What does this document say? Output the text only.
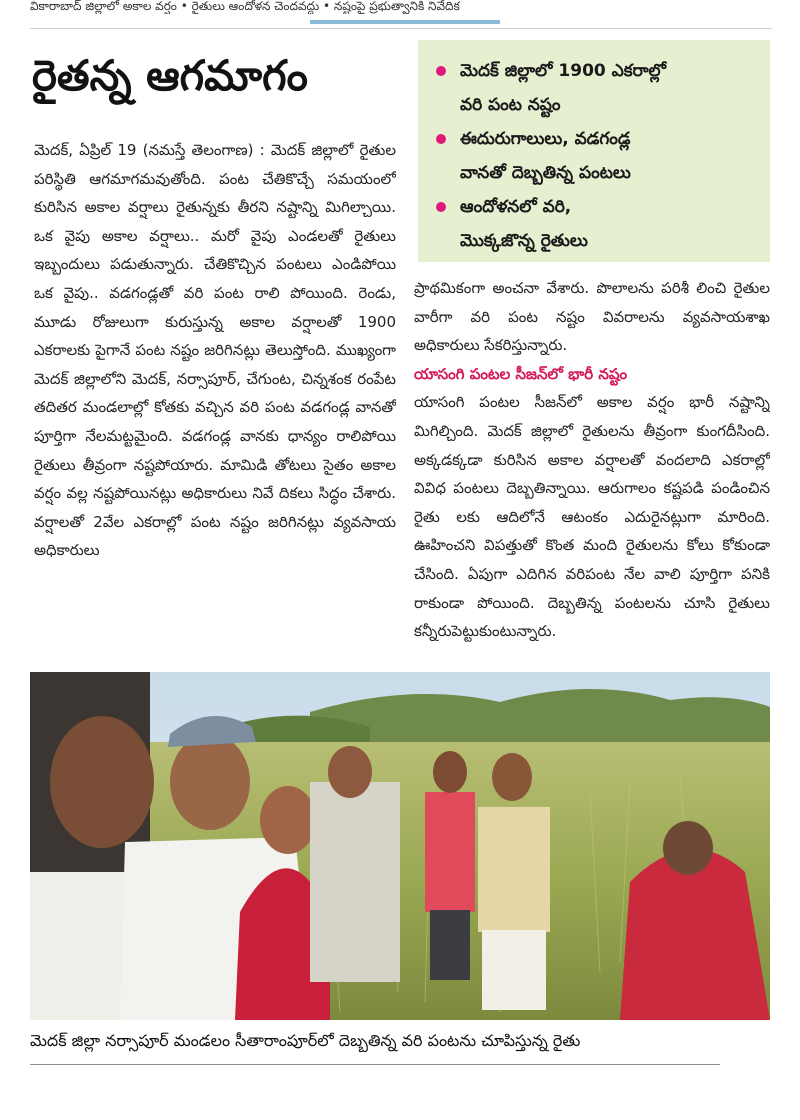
వికారాబాద్‌ జిల్లాలో అకాల వర్షం • రైతులు ఆందోళన చెందవద్దు • నష్టంపై ప్రభుత్వానికి నివేదిక
రైతన్న ఆగమాగం	మెదక్‌ జిల్లాలో 1900 ఎకరాల్లో
వరి పంట నష్టం
ఈదురుగాలులు, వడగండ్ల
వానతో దెబ్బతిన్న పంటలు
ఆందోళనలో వరి,
మొక్కజొన్న రైతులు
మెదక్‌, ఏప్రిల్‌ 19 (నమస్తే తెలంగాణ) : మెదక్‌ జిల్లాలో రైతుల పరిస్థితి ఆగమాగమవుతోంది. పంట చేతికొచ్చే సమయంలో కురిసిన అకాల వర్షాలు రైతున్నకు తీరని నష్టాన్ని మిగిల్చాయి. ఒక వైపు అకాల వర్షాలు.. మరో వైపు ఎండలతో రైతులు ఇబ్బందులు పడుతున్నారు. చేతికొచ్చిన పంటలు ఎండిపోయి ఒక వైపు.. వడగండ్లతో వరి పంట రాలి పోయింది. రెండు, మూడు రోజులుగా కురుస్తున్న అకాల వర్షాలతో 1900 ఎకరాలకు పైగానే పంట నష్టం జరిగినట్లు తెలుస్తోంది. ముఖ్యంగా మెదక్‌ జిల్లాలోని మెదక్‌, నర్సాపూర్‌, చేగుంట, చిన్నశంక రంపేట తదితర మండలాల్లో కోతకు వచ్చిన వరి పంట వడగండ్ల వానతో పూర్తిగా నేలమట్టమైంది. వడగండ్ల వానకు ధాన్యం రాలిపోయి రైతులు తీవ్రంగా నష్టపోయారు. మామిడి తోటలు సైతం అకాల వర్షం వల్ల నష్టపోయినట్లు అధికారులు నివే దికలు సిద్ధం చేశారు. వర్షాలతో 2వేల ఎకరాల్లో పంట నష్టం జరిగినట్లు వ్యవసాయ అధికారులు
ప్రాథమికంగా అంచనా వేశారు. పొలాలను పరిశీ లించి రైతుల వారీగా వరి పంట నష్టం వివరాలను వ్యవసాయశాఖ అధికారులు సేకరిస్తున్నారు.
యాసంగి పంటల సీజన్‌లో భారీ నష్టం
యాసంగి పంటల సీజన్‌లో అకాల వర్షం భారీ నష్టాన్ని మిగిల్చింది. మెదక్‌ జిల్లాలో రైతులను తీవ్రంగా కుంగదీసింది. అక్కడక్కడా కురిసిన అకాల వర్షాలతో వందలాది ఎకరాల్లో వివిధ పంటలు దెబ్బతిన్నాయి. ఆరుగాలం కష్టపడి పండించిన రైతు లకు ఆదిలోనే ఆటంకం ఎదురైనట్లుగా మారింది. ఊహించని విపత్తుతో కొంత మంది రైతులను కోలు కోకుండా చేసింది. ఏపుగా ఎదిగిన వరిపంట నేల వాలి పూర్తిగా పనికి రాకుండా పోయింది. దెబ్బతిన్న పంటలను చూసి రైతులు కన్నీరుపెట్టుకుంటున్నారు.
మెదక్‌ జిల్లా నర్సాపూర్‌ మండలం సీతారాంపూర్‌లో దెబ్బతిన్న వరి పంటను చూపిస్తున్న రైతు
